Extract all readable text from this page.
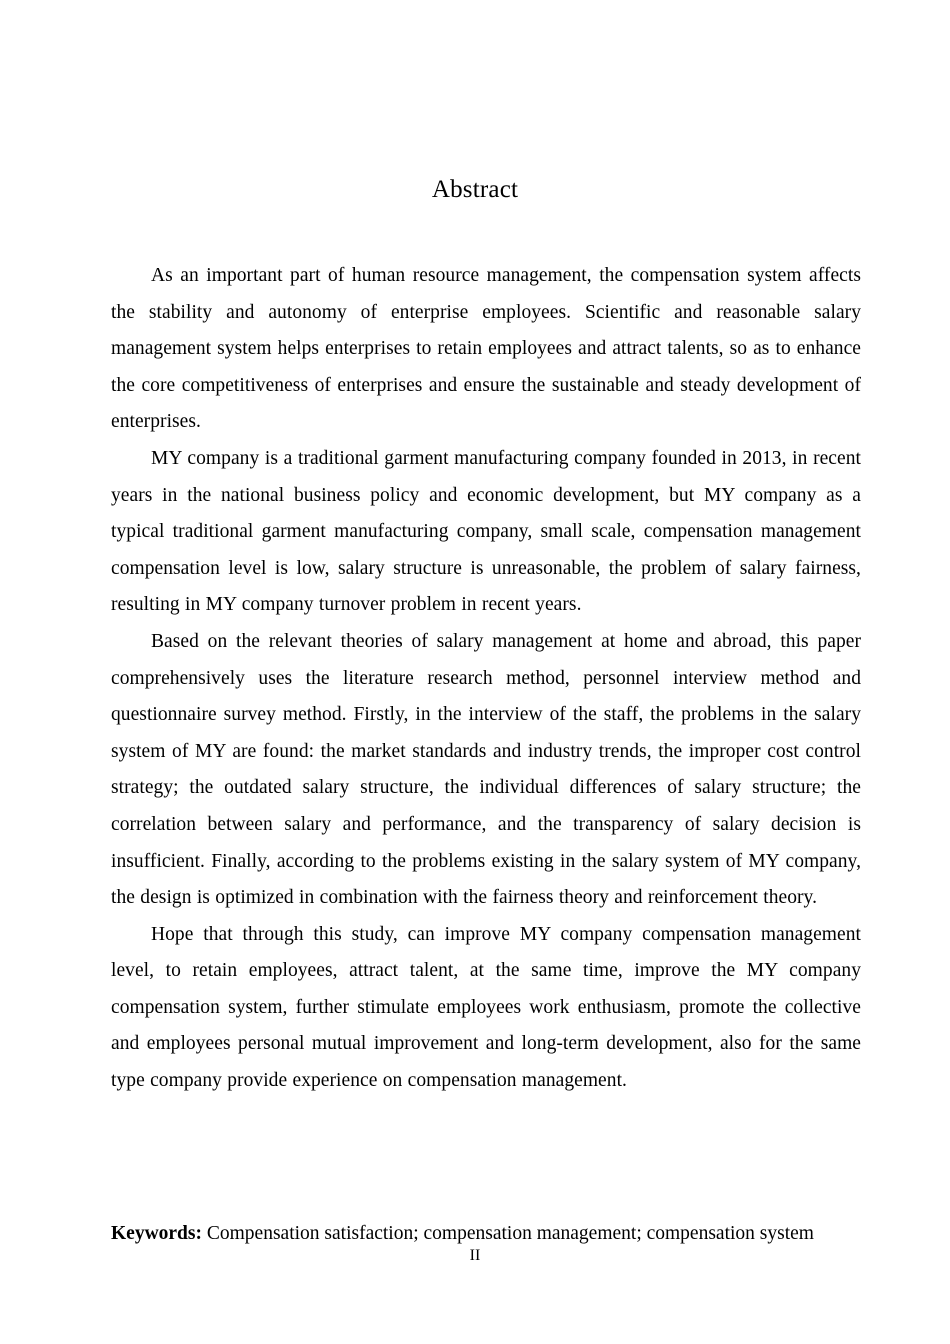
Abstract

As an important part of human resource management, the compensation system affects the stability and autonomy of enterprise employees. Scientific and reasonable salary management system helps enterprises to retain employees and attract talents, so as to enhance the core competitiveness of enterprises and ensure the sustainable and steady development of enterprises.

MY company is a traditional garment manufacturing company founded in 2013, in recent years in the national business policy and economic development, but MY company as a typical traditional garment manufacturing company, small scale, compensation management compensation level is low, salary structure is unreasonable, the problem of salary fairness, resulting in MY company turnover problem in recent years.

Based on the relevant theories of salary management at home and abroad, this paper comprehensively uses the literature research method, personnel interview method and questionnaire survey method. Firstly, in the interview of the staff, the problems in the salary system of MY are found: the market standards and industry trends, the improper cost control strategy; the outdated salary structure, the individual differences of salary structure; the correlation between salary and performance, and the transparency of salary decision is insufficient. Finally, according to the problems existing in the salary system of MY company, the design is optimized in combination with the fairness theory and reinforcement theory.

Hope that through this study, can improve MY company compensation management level, to retain employees, attract talent, at the same time, improve the MY company compensation system, further stimulate employees work enthusiasm, promote the collective and employees personal mutual improvement and long-term development, also for the same type company provide experience on compensation management.

Keywords: Compensation satisfaction; compensation management; compensation system

II
